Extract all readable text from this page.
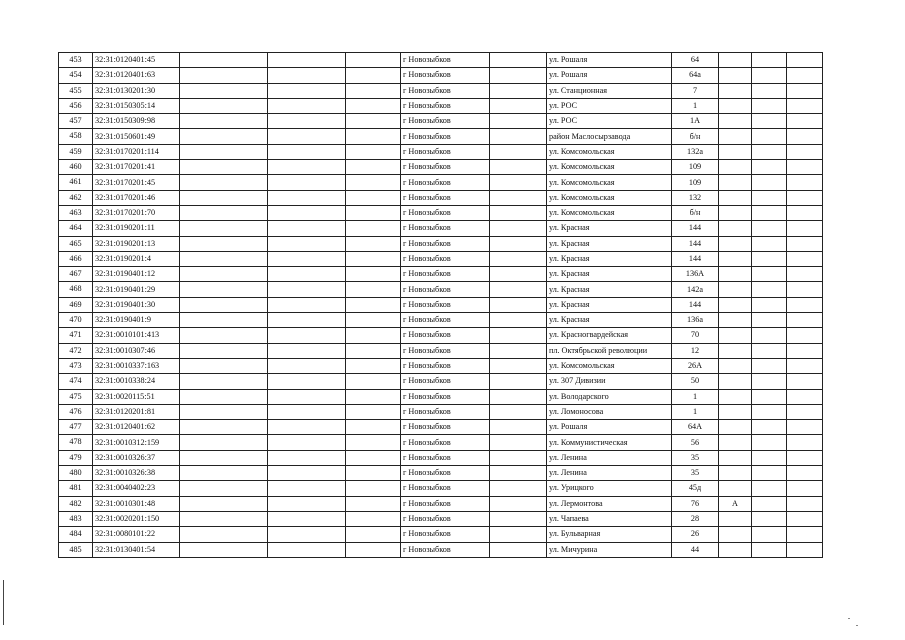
453	32:31:0120401:45				г Новозыбков		ул. Рошаля	64			
454	32:31:0120401:63				г Новозыбков		ул. Рошаля	64а			
455	32:31:0130201:30				г Новозыбков		ул. Станционная	7			
456	32:31:0150305:14				г Новозыбков		ул. РОС	1			
457	32:31:0150309:98				г Новозыбков		ул. РОС	1А			
458	32:31:0150601:49				г Новозыбков		район Маслосырзавода	б/н			
459	32:31:0170201:114				г Новозыбков		ул. Комсомольская	132а			
460	32:31:0170201:41				г Новозыбков		ул. Комсомольская	109			
461	32:31:0170201:45				г Новозыбков		ул. Комсомольская	109			
462	32:31:0170201:46				г Новозыбков		ул. Комсомольская	132			
463	32:31:0170201:70				г Новозыбков		ул. Комсомольская	б/н			
464	32:31:0190201:11				г Новозыбков		ул. Красная	144			
465	32:31:0190201:13				г Новозыбков		ул. Красная	144			
466	32:31:0190201:4				г Новозыбков		ул. Красная	144			
467	32:31:0190401:12				г Новозыбков		ул. Красная	136А			
468	32:31:0190401:29				г Новозыбков		ул. Красная	142а			
469	32:31:0190401:30				г Новозыбков		ул. Красная	144			
470	32:31:0190401:9				г Новозыбков		ул. Красная	136а			
471	32:31:0010101:413				г Новозыбков		ул. Красногвардейская	70			
472	32:31:0010307:46				г Новозыбков		пл. Октябрьской революции	12			
473	32:31:0010337:163				г Новозыбков		ул. Комсомольская	26А			
474	32:31:0010338:24				г Новозыбков		ул. 307 Дивизии	50			
475	32:31:0020115:51				г Новозыбков		ул. Володарского	1			
476	32:31:0120201:81				г Новозыбков		ул. Ломоносова	1			
477	32:31:0120401:62				г Новозыбков		ул. Рошаля	64А			
478	32:31:0010312:159				г Новозыбков		ул. Коммунистическая	56			
479	32:31:0010326:37				г Новозыбков		ул. Ленина	35			
480	32:31:0010326:38				г Новозыбков		ул. Ленина	35			
481	32:31:0040402:23				г Новозыбков		ул. Урицкого	45д			
482	32:31:0010301:48				г Новозыбков		ул. Лермонтова	76	А		
483	32:31:0020201:150				г Новозыбков		ул. Чапаева	28			
484	32:31:0080101:22				г Новозыбков		ул. Бульварная	26			
485	32:31:0130401:54				г Новозыбков		ул. Мичурина	44			
